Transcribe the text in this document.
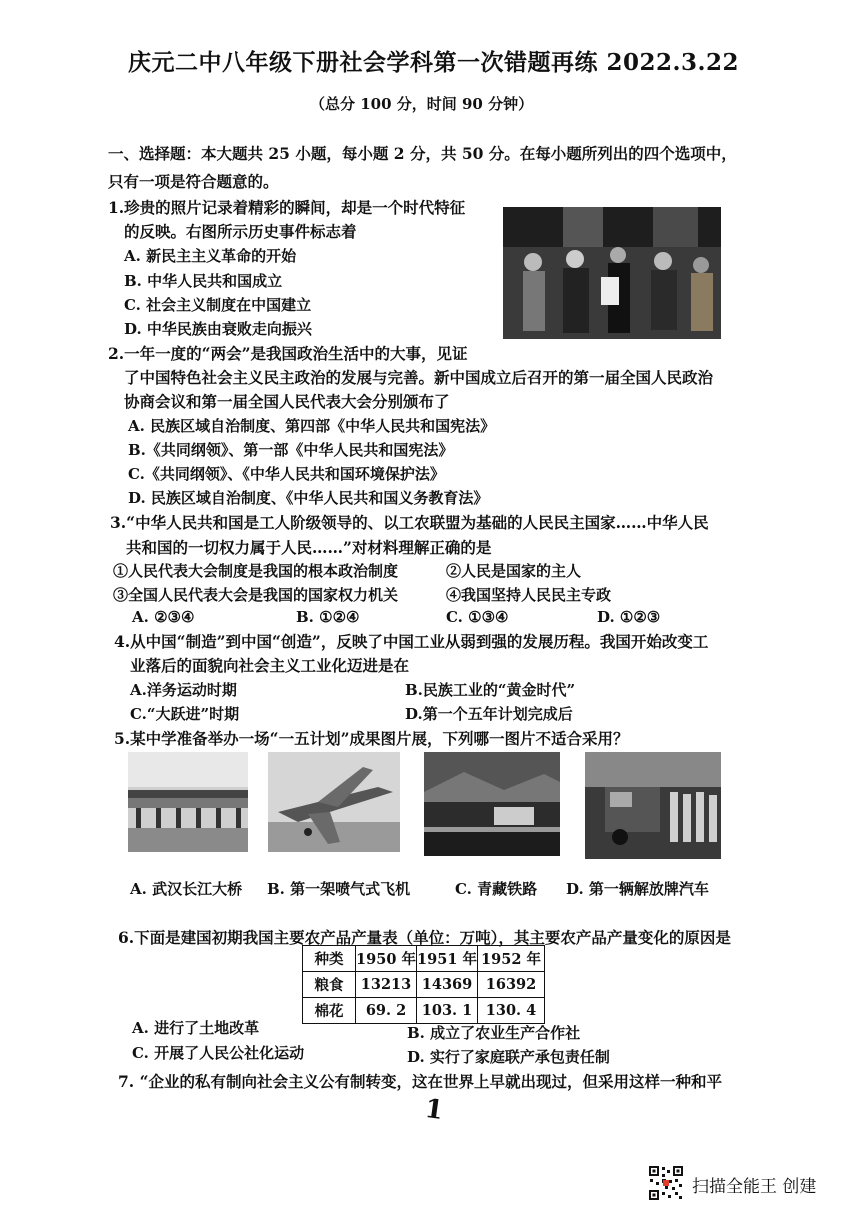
庆元二中八年级下册社会学科第一次错题再练 2022.3.22
（总分 100 分，时间 90 分钟）
一、选择题：本大题共 25 小题，每小题 2 分，共 50 分。在每小题所列出的四个选项中，
只有一项是符合题意的。
1.珍贵的照片记录着精彩的瞬间，却是一个时代特征
的反映。右图所示历史事件标志着
A. 新民主主义革命的开始
B. 中华人民共和国成立
C. 社会主义制度在中国建立
D. 中华民族由衰败走向振兴
2.一年一度的“两会”是我国政治生活中的大事，见证
了中国特色社会主义民主政治的发展与完善。新中国成立后召开的第一届全国人民政治
协商会议和第一届全国人民代表大会分别颁布了
A. 民族区域自治制度、第四部《中华人民共和国宪法》
B.《共同纲领》、第一部《中华人民共和国宪法》
C.《共同纲领》、《中华人民共和国环境保护法》
D. 民族区域自治制度、《中华人民共和国义务教育法》
3.“中华人民共和国是工人阶级领导的、以工农联盟为基础的人民民主国家……中华人民
共和国的一切权力属于人民……”对材料理解正确的是
①人民代表大会制度是我国的根本政治制度	②人民是国家的主人
③全国人民代表大会是我国的国家权力机关	④我国坚持人民民主专政
A. ②③④	B. ①②④	C. ①③④	D. ①②③
4.从中国“制造”到中国“创造”，反映了中国工业从弱到强的发展历程。我国开始改变工
业落后的面貌向社会主义工业化迈进是在
A.洋务运动时期	B.民族工业的“黄金时代”
C.“大跃进”时期	D.第一个五年计划完成后
5.某中学准备举办一场“一五计划”成果图片展，下列哪一图片不适合采用？
A. 武汉长江大桥 B. 第一架喷气式飞机	C. 青藏铁路 D. 第一辆解放牌汽车
6.下面是建国初期我国主要农产品产量表（单位：万吨），其主要农产品产量变化的原因是
种类	1950 年	1951 年	1952 年
粮食	13213	14369	16392
棉花	69. 2	103. 1	130. 4
A. 进行了土地改革	B. 成立了农业生产合作社
C. 开展了人民公社化运动	D. 实行了家庭联产承包责任制
7. “企业的私有制向社会主义公有制转变，这在世界上早就出现过，但采用这样一种和平
1
扫描全能王 创建
